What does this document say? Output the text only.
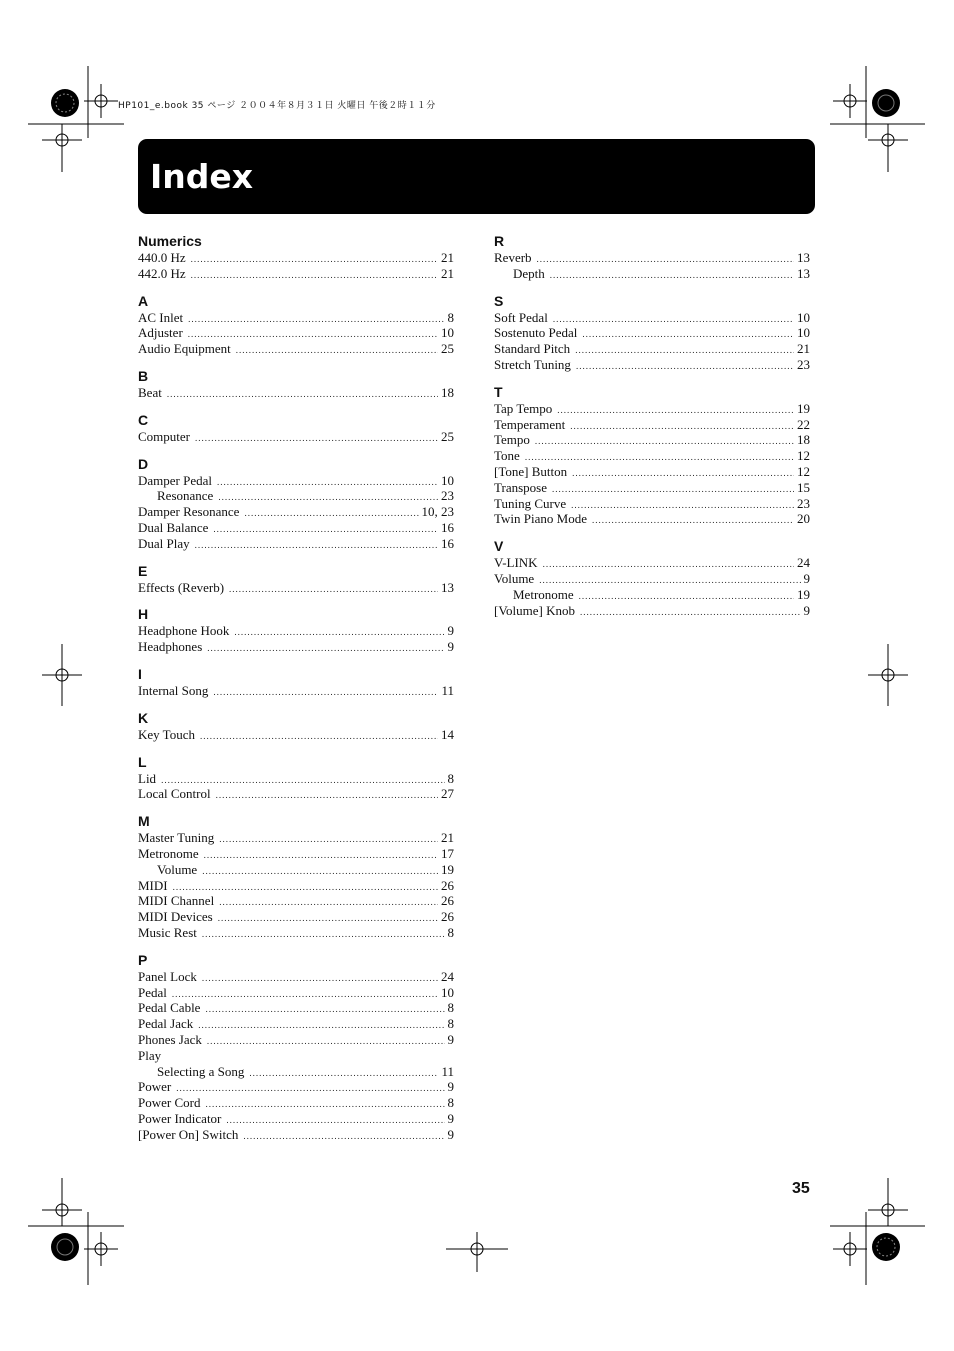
HP101_e.book 35 ページ ２００４年８月３１日 火曜日 午後２時１１分
Index
Numerics
440.0 Hz .....	21
442.0 Hz .....	21
A
AC Inlet .....	8
Adjuster .....	10
Audio Equipment .....	25
B
Beat .....	18
C
Computer .....	25
D
Damper Pedal .....	10
Resonance .....	23
Damper Resonance .....	10, 23
Dual Balance .....	16
Dual Play .....	16
E
Effects (Reverb) .....	13
H
Headphone Hook .....	9
Headphones .....	9
I
Internal Song .....	11
K
Key Touch .....	14
L
Lid .....	8
Local Control .....	27
M
Master Tuning .....	21
Metronome .....	17
Volume .....	19
MIDI .....	26
MIDI Channel .....	26
MIDI Devices .....	26
Music Rest .....	8
P
Panel Lock .....	24
Pedal .....	10
Pedal Cable .....	8
Pedal Jack .....	8
Phones Jack .....	9
Play
Selecting a Song .....	11
Power .....	9
Power Cord .....	8
Power Indicator .....	9
[Power On] Switch .....	9
R
Reverb .....	13
Depth .....	13
S
Soft Pedal .....	10
Sostenuto Pedal .....	10
Standard Pitch .....	21
Stretch Tuning .....	23
T
Tap Tempo .....	19
Temperament .....	22
Tempo .....	18
Tone .....	12
[Tone] Button .....	12
Transpose .....	15
Tuning Curve .....	23
Twin Piano Mode .....	20
V
V-LINK .....	24
Volume .....	9
Metronome .....	19
[Volume] Knob .....	9
35
